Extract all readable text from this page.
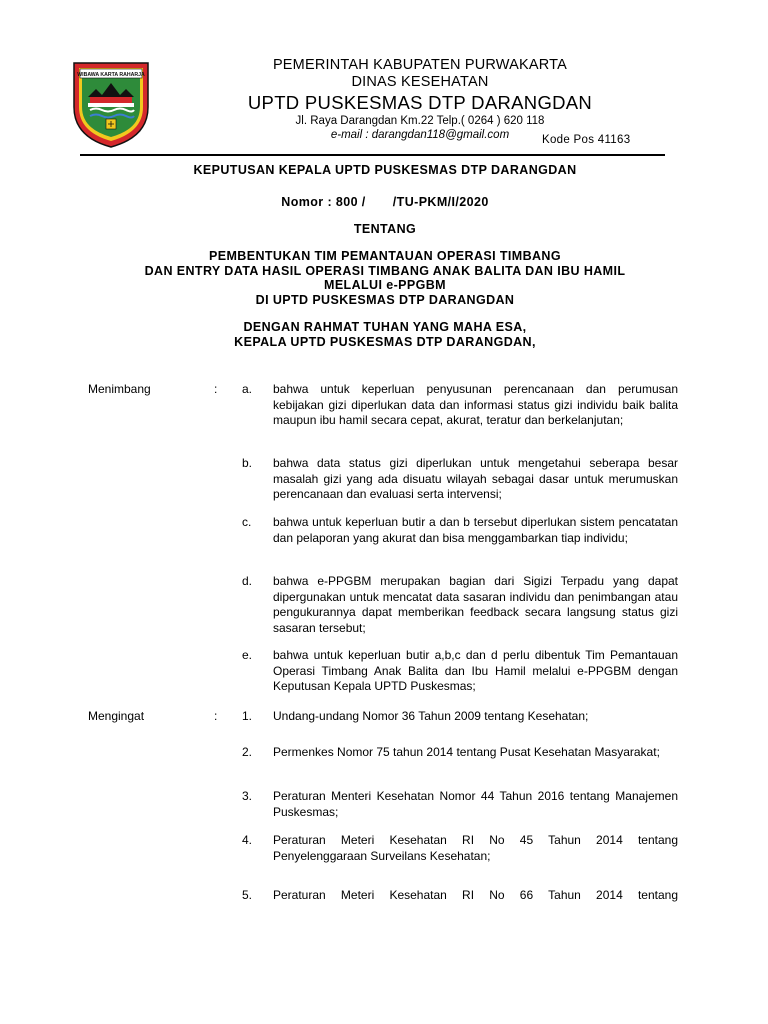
WIBAWA KARTA RAHARJA
PEMERINTAH KABUPATEN PURWAKARTA
DINAS KESEHATAN
UPTD PUSKESMAS DTP DARANGDAN
Jl. Raya Darangdan Km.22 Telp.( 0264 ) 620 118
e-mail : darangdan118@gmail.com	Kode Pos 41163
KEPUTUSAN KEPALA UPTD PUSKESMAS DTP DARANGDAN
Nomor : 800 /       /TU-PKM/I/2020
TENTANG
PEMBENTUKAN TIM PEMANTAUAN OPERASI TIMBANG
DAN ENTRY DATA HASIL OPERASI TIMBANG ANAK BALITA DAN IBU HAMIL
MELALUI e-PPGBM
DI UPTD PUSKESMAS DTP DARANGDAN
DENGAN RAHMAT TUHAN YANG MAHA ESA,
KEPALA UPTD PUSKESMAS DTP DARANGDAN,
Menimbang	: a. bahwa untuk keperluan penyusunan perencanaan dan perumusan kebijakan gizi diperlukan data dan informasi status gizi individu baik balita maupun ibu hamil secara cepat, akurat, teratur dan berkelanjutan;
b. bahwa data status gizi diperlukan untuk mengetahui seberapa besar masalah gizi yang ada disuatu wilayah sebagai dasar untuk merumuskan perencanaan dan evaluasi serta intervensi;
c. bahwa untuk keperluan butir a dan b tersebut diperlukan sistem pencatatan dan pelaporan yang akurat dan bisa menggambarkan tiap individu;
d. bahwa e-PPGBM merupakan bagian dari Sigizi Terpadu yang dapat dipergunakan untuk mencatat data sasaran individu dan penimbangan atau pengukurannya dapat memberikan feedback secara langsung status gizi sasaran tersebut;
e. bahwa untuk keperluan butir a,b,c dan d perlu dibentuk Tim Pemantauan Operasi Timbang Anak Balita dan Ibu Hamil melalui e-PPGBM dengan Keputusan Kepala UPTD Puskesmas;
Mengingat	: 1. Undang-undang Nomor 36 Tahun 2009 tentang Kesehatan;
2. Permenkes Nomor 75 tahun 2014 tentang Pusat Kesehatan Masyarakat;
3. Peraturan Menteri Kesehatan Nomor 44 Tahun 2016 tentang Manajemen Puskesmas;
4. Peraturan Meteri Kesehatan RI No 45 Tahun 2014 tentang Penyelenggaraan Surveilans Kesehatan;
5. Peraturan Meteri Kesehatan RI No 66 Tahun 2014 tentang
